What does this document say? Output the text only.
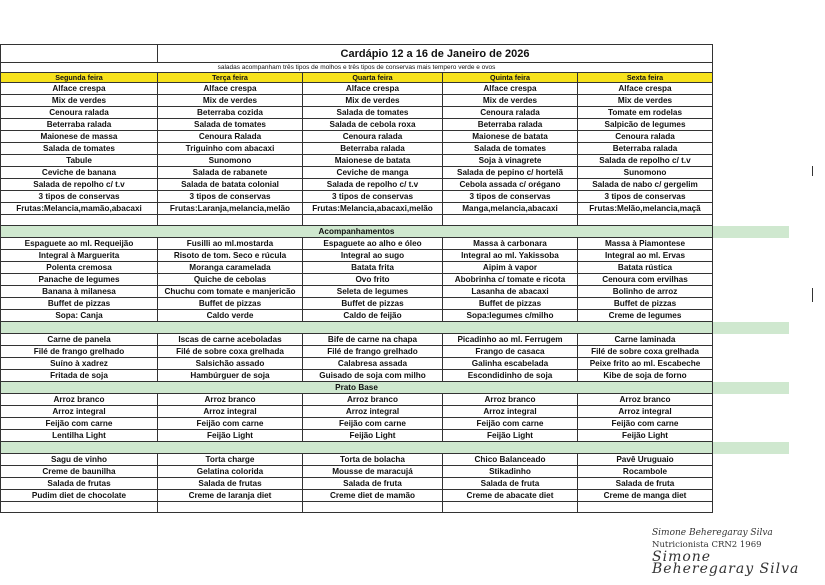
	Cardápio 12 a 16 de Janeiro de 2026				
saladas acompanham três tipos de molhos e três tipos de conservas mais tempero verde e ovos					
Segunda feira	Terça feira	Quarta feira	Quinta feira	Sexta feira	
Alface crespa	Alface crespa	Alface crespa	Alface crespa	Alface crespa	
Mix de verdes	Mix de verdes	Mix de verdes	Mix de verdes	Mix de verdes	
Cenoura ralada	Beterraba cozida	Salada de tomates	Cenoura ralada	Tomate em rodelas	
Beterraba ralada	Salada de tomates	Salada de cebola roxa	Beterraba ralada	Salpicão de legumes	
Maionese de massa	Cenoura Ralada	Cenoura ralada	Maionese de batata	Cenoura ralada	
Salada de tomates	Triguinho com abacaxi	Beterraba ralada	Salada de tomates	Beterraba ralada	
Tabule	Sunomono	Maionese de batata	Soja à vinagrete	Salada de repolho c/ t.v	
Ceviche de banana	Salada de rabanete	Ceviche de manga	Salada de pepino c/ hortelã	Sunomono	
Salada de repolho c/ t.v	Salada de batata colonial	Salada de repolho c/ t.v	Cebola assada c/ orégano	Salada de nabo c/ gergelim	
3 tipos de conservas	3 tipos de conservas	3 tipos de conservas	3 tipos de conservas	3 tipos de conservas	
Frutas:Melancia,mamão,abacaxi	Frutas:Laranja,melancia,melão	Frutas:Melancia,abacaxi,melão	Manga,melancia,abacaxi	Frutas:Melão,melancia,maçã	

Acompanhamentos					
Espaguete ao ml. Requeijão	Fusilli ao ml.mostarda	Espaguete ao alho e óleo	Massa à carbonara	Massa à Piamontese	
Integral à Marguerita	Risoto de tom. Seco e rúcula	Integral ao sugo	Integral ao ml. Yakissoba	Integral ao ml. Ervas	
Polenta cremosa	Moranga caramelada	Batata frita	Aipim à vapor	Batata rústica	
Panache de legumes	Quiche de cebolas	Ovo frito	Abobrinha c/ tomate e ricota	Cenoura com ervilhas	
Banana à milanesa	Chuchu com tomate e manjericão	Seleta de legumes	Lasanha de abacaxi	Bolinho de arroz	
Buffet de pizzas	Buffet de pizzas	Buffet de pizzas	Buffet de pizzas	Buffet de pizzas	
Sopa: Canja	Caldo verde	Caldo de feijão	Sopa:legumes c/milho	Creme de legumes	

Carne de panela	Iscas de carne aceboladas	Bife de carne na chapa	Picadinho ao ml. Ferrugem	Carne laminada	
Filé de frango grelhado	Filé de sobre coxa grelhada	Filé de frango grelhado	Frango de casaca	Filé de sobre coxa grelhada	
Suíno à xadrez	Salsichão assado	Calabresa assada	Galinha escabelada	Peixe frito ao ml. Escabeche	
Fritada de soja	Hambúrguer de soja	Guisado de soja com milho	Escondidinho de soja	Kibe de soja de forno	
Prato Base					
Arroz branco	Arroz branco	Arroz branco	Arroz branco	Arroz branco	
Arroz integral	Arroz integral	Arroz integral	Arroz integral	Arroz integral	
Feijão com carne	Feijão com carne	Feijão com carne	Feijão com carne	Feijão com carne	
Lentilha Light	Feijão Light	Feijão Light	Feijão Light	Feijão Light	

Sagu de vinho	Torta charge	Torta de bolacha	Chico Balanceado	Pavê Uruguaio	
Creme de baunilha	Gelatina colorida	Mousse de maracujá	Stikadinho	Rocambole	
Salada de frutas	Salada de frutas	Salada de fruta	Salada de fruta	Salada de fruta	
Pudim diet de chocolate	Creme de laranja diet	Creme diet de mamão	Creme de abacate diet	Creme de manga diet	

Simone Beheregaray Silva
Nutricionista CRN2 1969
Simone Beheregaray Silva
